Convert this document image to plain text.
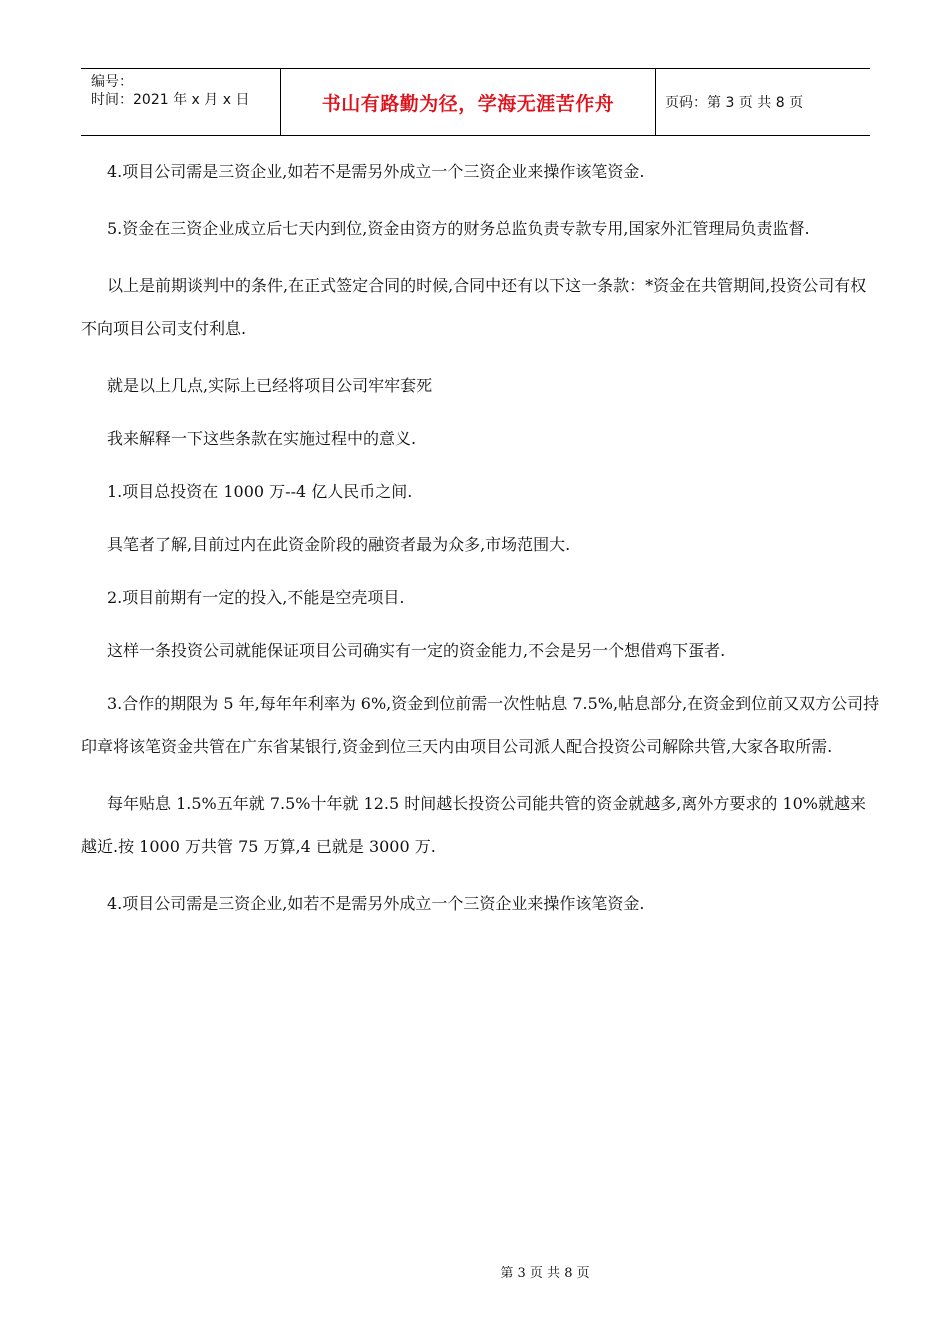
编号：
时间：2021 年 x 月 x 日	书山有路勤为径，学海无涯苦作舟	页码：第 3 页 共 8 页

4.项目公司需是三资企业,如若不是需另外成立一个三资企业来操作该笔资金.

5.资金在三资企业成立后七天内到位,资金由资方的财务总监负责专款专用,国家外汇管理局负责监督.

以上是前期谈判中的条件,在正式签定合同的时候,合同中还有以下这一条款：*资金在共管期间,投资公司有权不向项目公司支付利息.

就是以上几点,实际上已经将项目公司牢牢套死

我来解释一下这些条款在实施过程中的意义.

1.项目总投资在 1000 万--4 亿人民币之间.

具笔者了解,目前过内在此资金阶段的融资者最为众多,市场范围大.

2.项目前期有一定的投入,不能是空壳项目.

这样一条投资公司就能保证项目公司确实有一定的资金能力,不会是另一个想借鸡下蛋者.

3.合作的期限为 5 年,每年年利率为 6%,资金到位前需一次性帖息 7.5%,帖息部分,在资金到位前又双方公司持印章将该笔资金共管在广东省某银行,资金到位三天内由项目公司派人配合投资公司解除共管,大家各取所需.

每年贴息 1.5%五年就 7.5%十年就 12.5 时间越长投资公司能共管的资金就越多,离外方要求的 10%就越来越近.按 1000 万共管 75 万算,4 已就是 3000 万.

4.项目公司需是三资企业,如若不是需另外成立一个三资企业来操作该笔资金.

第 3 页 共 8 页
